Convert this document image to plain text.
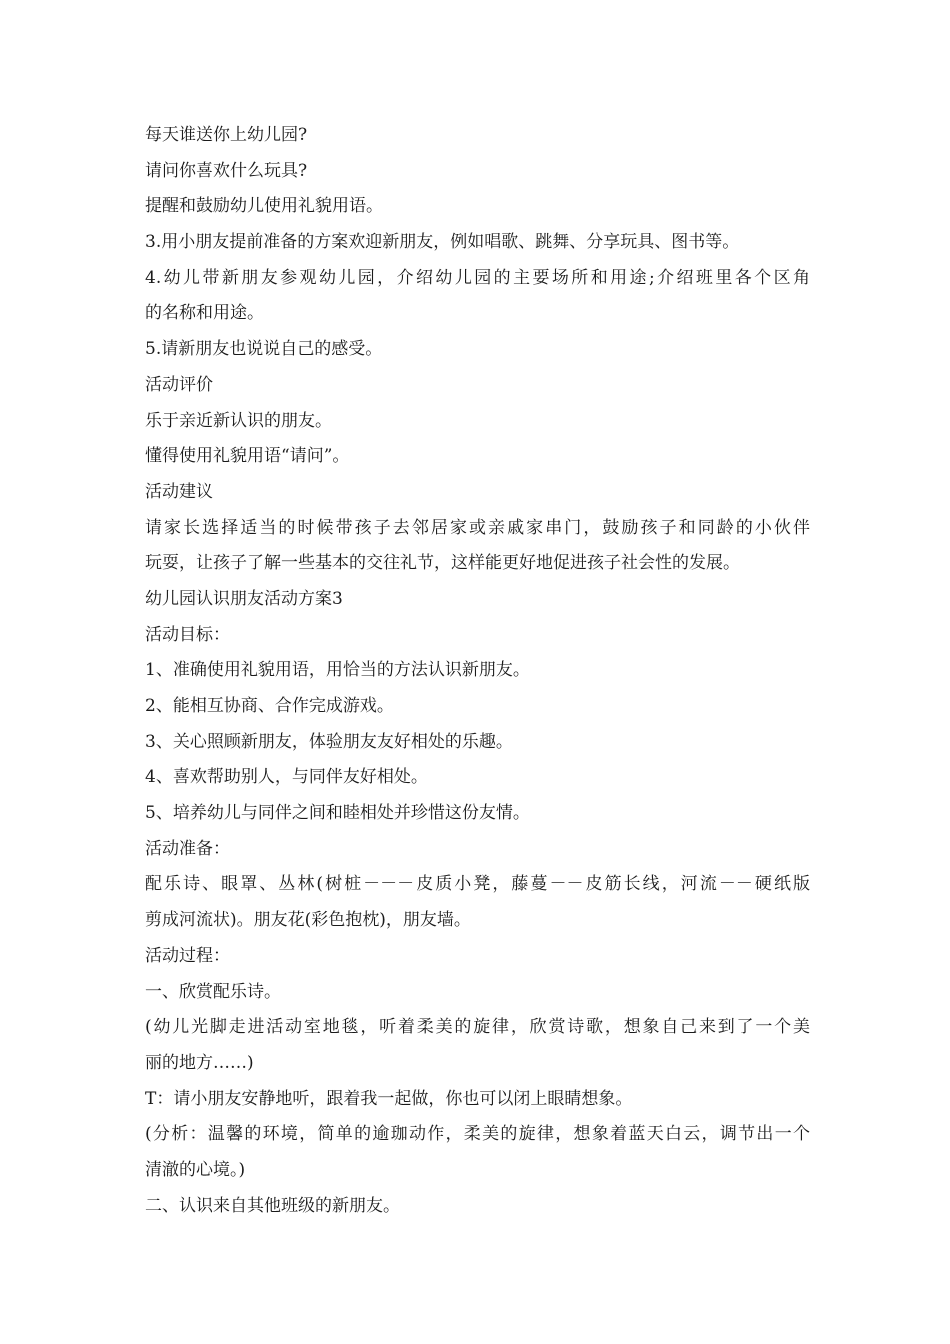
每天谁送你上幼儿园?
请问你喜欢什么玩具?
提醒和鼓励幼儿使用礼貌用语。
3.用小朋友提前准备的方案欢迎新朋友，例如唱歌、跳舞、分享玩具、图书等。
4.幼儿带新朋友参观幼儿园，介绍幼儿园的主要场所和用途;介绍班里各个区角
的名称和用途。
5.请新朋友也说说自己的感受。
活动评价
乐于亲近新认识的朋友。
懂得使用礼貌用语“请问”。
活动建议
请家长选择适当的时候带孩子去邻居家或亲戚家串门，鼓励孩子和同龄的小伙伴
玩耍，让孩子了解一些基本的交往礼节，这样能更好地促进孩子社会性的发展。
幼儿园认识朋友活动方案3
活动目标：
1、准确使用礼貌用语，用恰当的方法认识新朋友。
2、能相互协商、合作完成游戏。
3、关心照顾新朋友，体验朋友友好相处的乐趣。
4、喜欢帮助别人，与同伴友好相处。
5、培养幼儿与同伴之间和睦相处并珍惜这份友情。
活动准备：
配乐诗、眼罩、丛林(树桩－－－皮质小凳，藤蔓－－皮筋长线，河流－－硬纸版
剪成河流状)。朋友花(彩色抱枕)，朋友墙。
活动过程：
一、欣赏配乐诗。
(幼儿光脚走进活动室地毯，听着柔美的旋律，欣赏诗歌，想象自己来到了一个美
丽的地方……)
T：请小朋友安静地听，跟着我一起做，你也可以闭上眼睛想象。
(分析：温馨的环境，简单的逾珈动作，柔美的旋律，想象着蓝天白云，调节出一个
清澈的心境。)
二、认识来自其他班级的新朋友。
